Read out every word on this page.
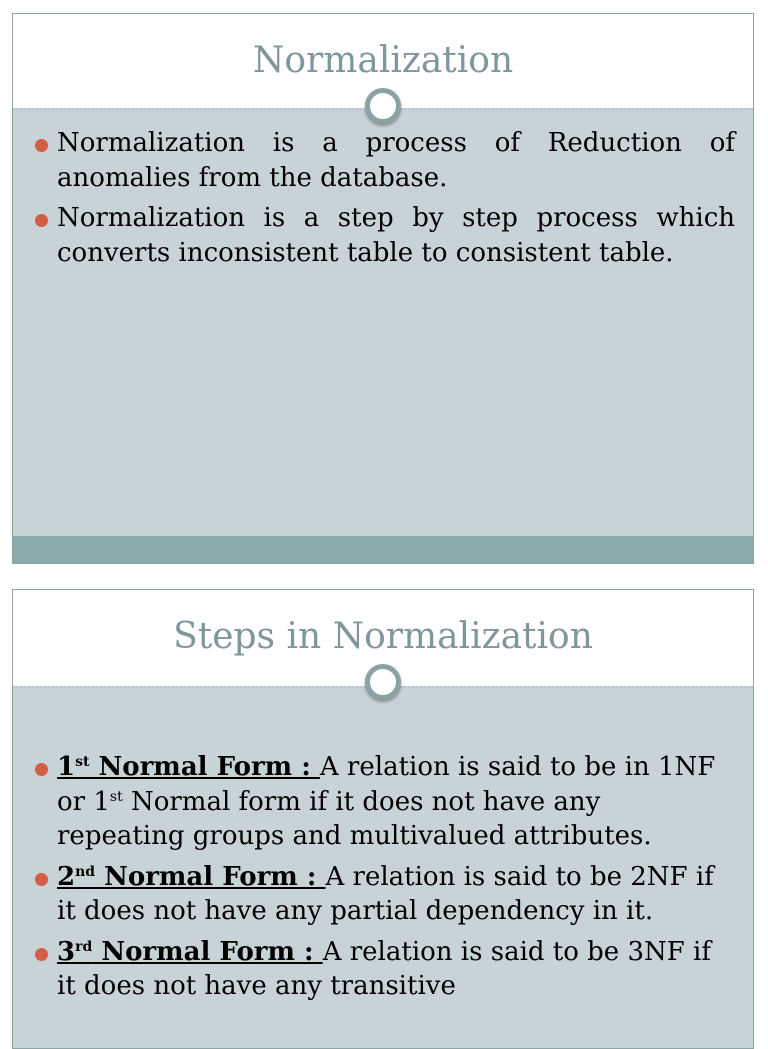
Normalization
Normalization is a process of Reduction of anomalies from the database.
Normalization is a step by step process which converts inconsistent table to consistent table.
Steps in Normalization
1st Normal Form : A relation is said to be in 1NF or 1st Normal form if it does not have any repeating groups and multivalued attributes.
2nd Normal Form : A relation is said to be 2NF if it does not have any partial dependency in it.
3rd Normal Form : A relation is said to be 3NF if it does not have any transitive
